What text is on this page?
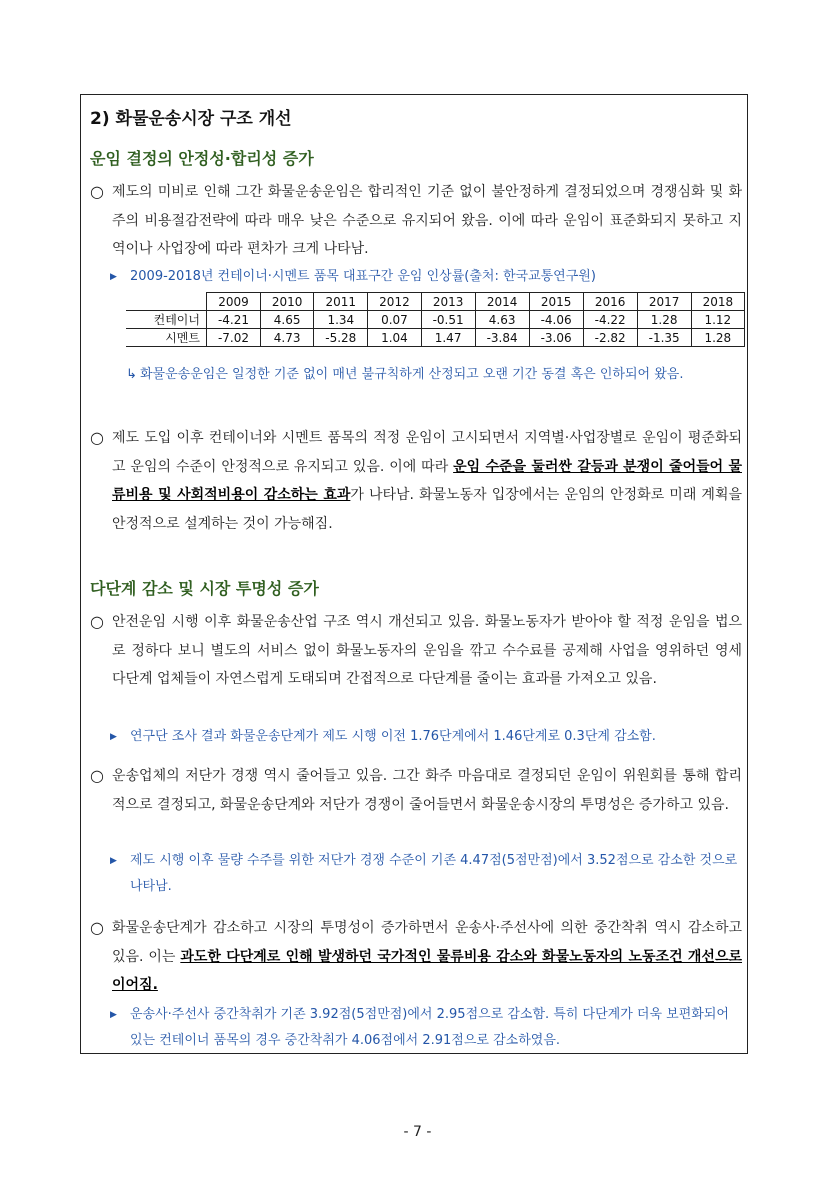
2) 화물운송시장 구조 개선
운임 결정의 안정성·합리성 증가
○ 제도의 미비로 인해 그간 화물운송운임은 합리적인 기준 없이 불안정하게 결정되었으며 경쟁심화 및 화주의 비용절감전략에 따라 매우 낮은 수준으로 유지되어 왔음. 이에 따라 운임이 표준화되지 못하고 지역이나 사업장에 따라 편차가 크게 나타남.
▶	2009-2018년 컨테이너·시멘트 품목 대표구간 운임 인상률(출처: 한국교통연구원)
	2009	2010	2011	2012	2013	2014	2015	2016	2017	2018
컨테이너	-4.21	4.65	1.34	0.07	-0.51	4.63	-4.06	-4.22	1.28	1.12
시멘트	-7.02	4.73	-5.28	1.04	1.47	-3.84	-3.06	-2.82	-1.35	1.28
↳ 화물운송운임은 일정한 기준 없이 매년 불규칙하게 산정되고 오랜 기간 동결 혹은 인하되어 왔음.
○ 제도 도입 이후 컨테이너와 시멘트 품목의 적정 운임이 고시되면서 지역별·사업장별로 운임이 평준화되고 운임의 수준이 안정적으로 유지되고 있음. 이에 따라 운임 수준을 둘러싼 갈등과 분쟁이 줄어들어 물류비용 및 사회적비용이 감소하는 효과가 나타남. 화물노동자 입장에서는 운임의 안정화로 미래 계획을 안정적으로 설계하는 것이 가능해짐.
다단계 감소 및 시장 투명성 증가
○ 안전운임 시행 이후 화물운송산업 구조 역시 개선되고 있음. 화물노동자가 받아야 할 적정 운임을 법으로 정하다 보니 별도의 서비스 없이 화물노동자의 운임을 깎고 수수료를 공제해 사업을 영위하던 영세 다단계 업체들이 자연스럽게 도태되며 간접적으로 다단계를 줄이는 효과를 가져오고 있음.
▶	연구단 조사 결과 화물운송단계가 제도 시행 이전 1.76단계에서 1.46단계로 0.3단계 감소함.
○ 운송업체의 저단가 경쟁 역시 줄어들고 있음. 그간 화주 마음대로 결정되던 운임이 위원회를 통해 합리적으로 결정되고, 화물운송단계와 저단가 경쟁이 줄어들면서 화물운송시장의 투명성은 증가하고 있음.
▶	제도 시행 이후 물량 수주를 위한 저단가 경쟁 수준이 기존 4.47점(5점만점)에서 3.52점으로 감소한 것으로 나타남.
○ 화물운송단계가 감소하고 시장의 투명성이 증가하면서 운송사·주선사에 의한 중간착취 역시 감소하고 있음. 이는 과도한 다단계로 인해 발생하던 국가적인 물류비용 감소와 화물노동자의 노동조건 개선으로 이어짐.
▶	운송사·주선사 중간착취가 기존 3.92점(5점만점)에서 2.95점으로 감소함. 특히 다단계가 더욱 보편화되어 있는 컨테이너 품목의 경우 중간착취가 4.06점에서 2.91점으로 감소하였음.
- 7 -
